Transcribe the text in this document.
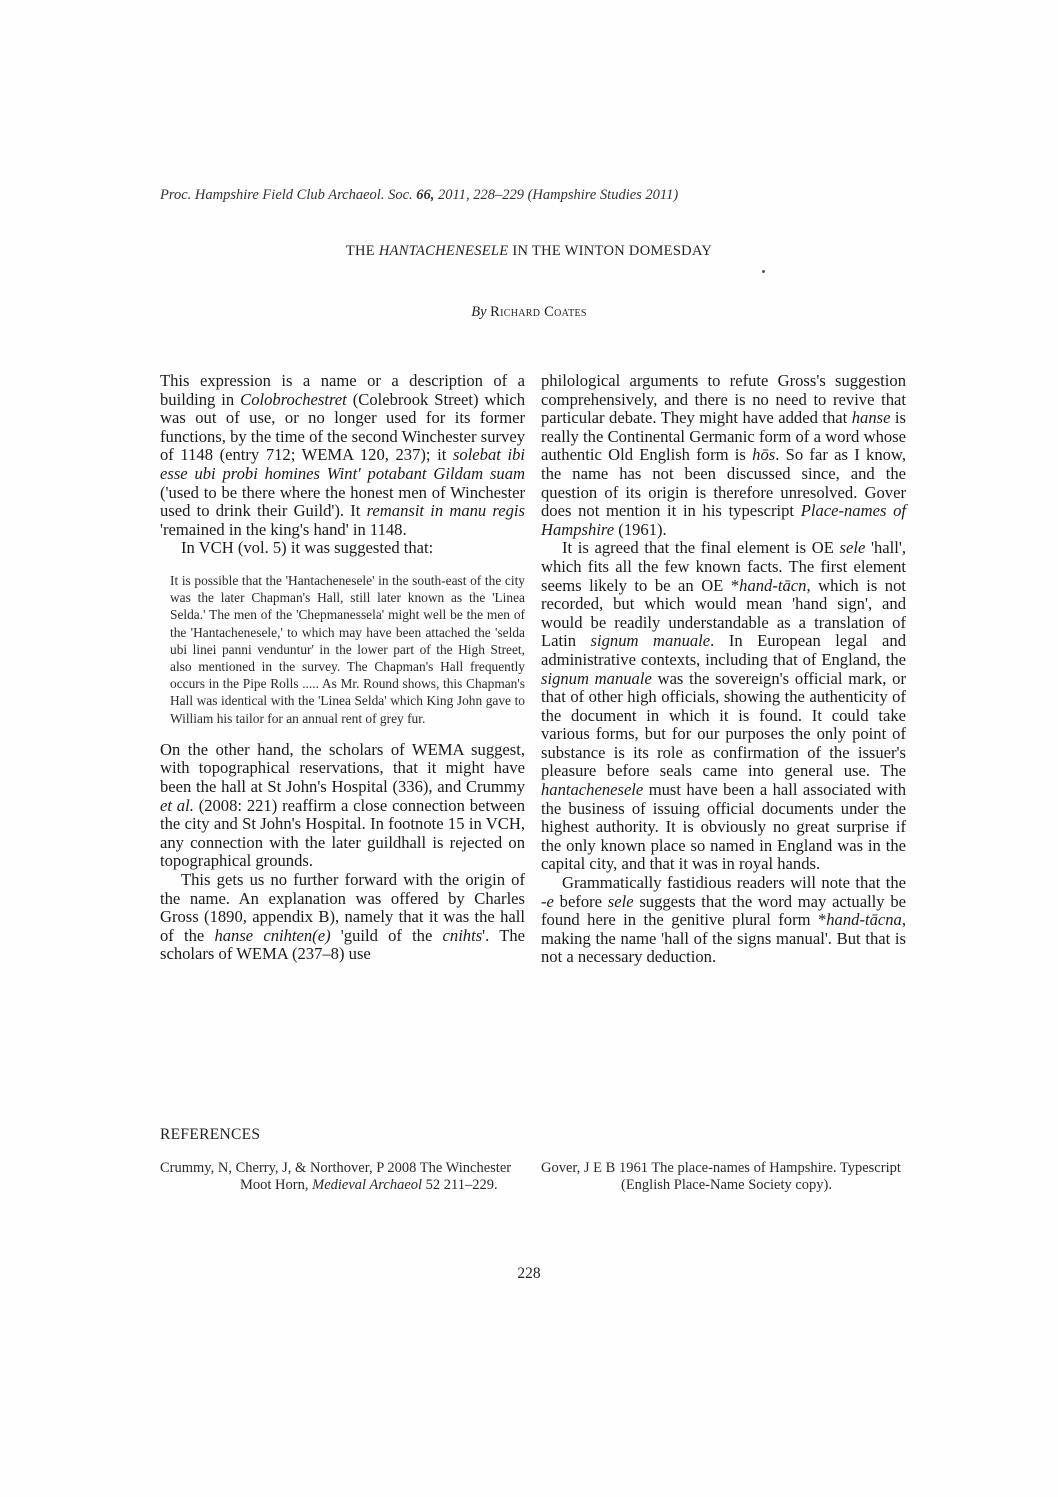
Proc. Hampshire Field Club Archaeol. Soc. 66, 2011, 228–229 (Hampshire Studies 2011)
THE HANTACHENESELE IN THE WINTON DOMESDAY
By Richard Coates

This expression is a name or a description of a building in Colobrochestret (Colebrook Street) which was out of use, or no longer used for its former functions, by the time of the second Winchester survey of 1148 (entry 712; WEMA 120, 237); it solebat ibi esse ubi probi homines Wint' potabant Gildam suam ('used to be there where the honest men of Winchester used to drink their Guild'). It remansit in manu regis 'remained in the king's hand' in 1148.

In VCH (vol. 5) it was suggested that:

It is possible that the 'Hantachenesele' in the south-east of the city was the later Chapman's Hall, still later known as the 'Linea Selda.' The men of the 'Chepmanessela' might well be the men of the 'Hantachenesele,' to which may have been attached the 'selda ubi linei panni venduntur' in the lower part of the High Street, also mentioned in the survey. The Chapman's Hall frequently occurs in the Pipe Rolls ..... As Mr. Round shows, this Chapman's Hall was identical with the 'Linea Selda' which King John gave to William his tailor for an annual rent of grey fur.

On the other hand, the scholars of WEMA suggest, with topographical reservations, that it might have been the hall at St John's Hospital (336), and Crummy et al. (2008: 221) reaffirm a close connection between the city and St John's Hospital. In footnote 15 in VCH, any connection with the later guildhall is rejected on topographical grounds.

This gets us no further forward with the origin of the name. An explanation was offered by Charles Gross (1890, appendix B), namely that it was the hall of the hanse cnihten(e) 'guild of the cnihts'. The scholars of WEMA (237–8) use

philological arguments to refute Gross's suggestion comprehensively, and there is no need to revive that particular debate. They might have added that hanse is really the Continental Germanic form of a word whose authentic Old English form is hōs. So far as I know, the name has not been discussed since, and the question of its origin is therefore unresolved. Gover does not mention it in his typescript Place-names of Hampshire (1961).

It is agreed that the final element is OE sele 'hall', which fits all the few known facts. The first element seems likely to be an OE *hand-tācn, which is not recorded, but which would mean 'hand sign', and would be readily understandable as a translation of Latin signum manuale. In European legal and administrative contexts, including that of England, the signum manuale was the sovereign's official mark, or that of other high officials, showing the authenticity of the document in which it is found. It could take various forms, but for our purposes the only point of substance is its role as confirmation of the issuer's pleasure before seals came into general use. The hantachenesele must have been a hall associated with the business of issuing official documents under the highest authority. It is obviously no great surprise if the only known place so named in England was in the capital city, and that it was in royal hands.

Grammatically fastidious readers will note that the -e before sele suggests that the word may actually be found here in the genitive plural form *hand-tācna, making the name 'hall of the signs manual'. But that is not a necessary deduction.

REFERENCES
Crummy, N, Cherry, J, & Northover, P 2008 The Winchester Moot Horn, Medieval Archaeol 52 211–229.
Gover, J E B 1961 The place-names of Hampshire. Typescript (English Place-Name Society copy).
228
